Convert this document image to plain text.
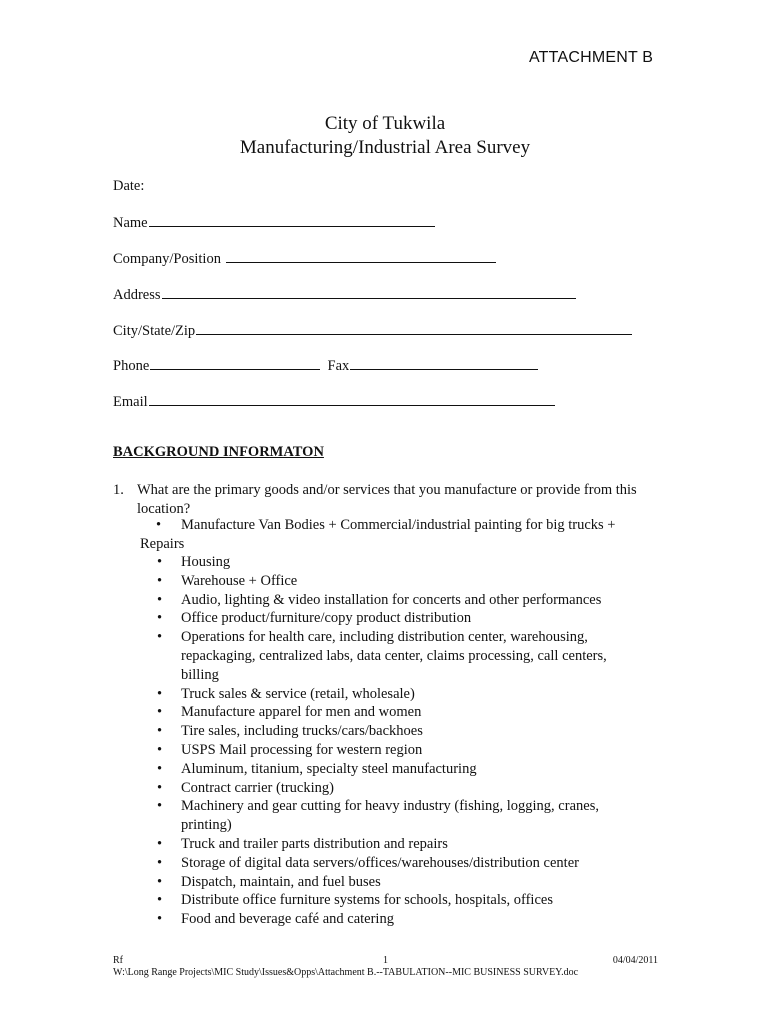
ATTACHMENT B
City of Tukwila
Manufacturing/Industrial Area Survey
Date:
Name
Company/Position
Address
City/State/Zip
Phone	Fax
Email
BACKGROUND INFORMATON
1. What are the primary goods and/or services that you manufacture or provide from this location?
•	Manufacture Van Bodies + Commercial/industrial painting for big trucks +
Repairs
• Housing
• Warehouse + Office
• Audio, lighting & video installation for concerts and other performances
• Office product/furniture/copy product distribution
• Operations for health care, including distribution center, warehousing, repackaging, centralized labs, data center, claims processing, call centers, billing
• Truck sales & service (retail, wholesale)
• Manufacture apparel for men and women
• Tire sales, including trucks/cars/backhoes
• USPS Mail processing for western region
• Aluminum, titanium, specialty steel manufacturing
• Contract carrier (trucking)
• Machinery and gear cutting for heavy industry (fishing, logging, cranes, printing)
• Truck and trailer parts distribution and repairs
• Storage of digital data servers/offices/warehouses/distribution center
• Dispatch, maintain, and fuel buses
• Distribute office furniture systems for schools, hospitals, offices
• Food and beverage café and catering
Rf	1	04/04/2011
W:\Long Range Projects\MIC Study\Issues&Opps\Attachment B.--TABULATION--MIC BUSINESS SURVEY.doc
